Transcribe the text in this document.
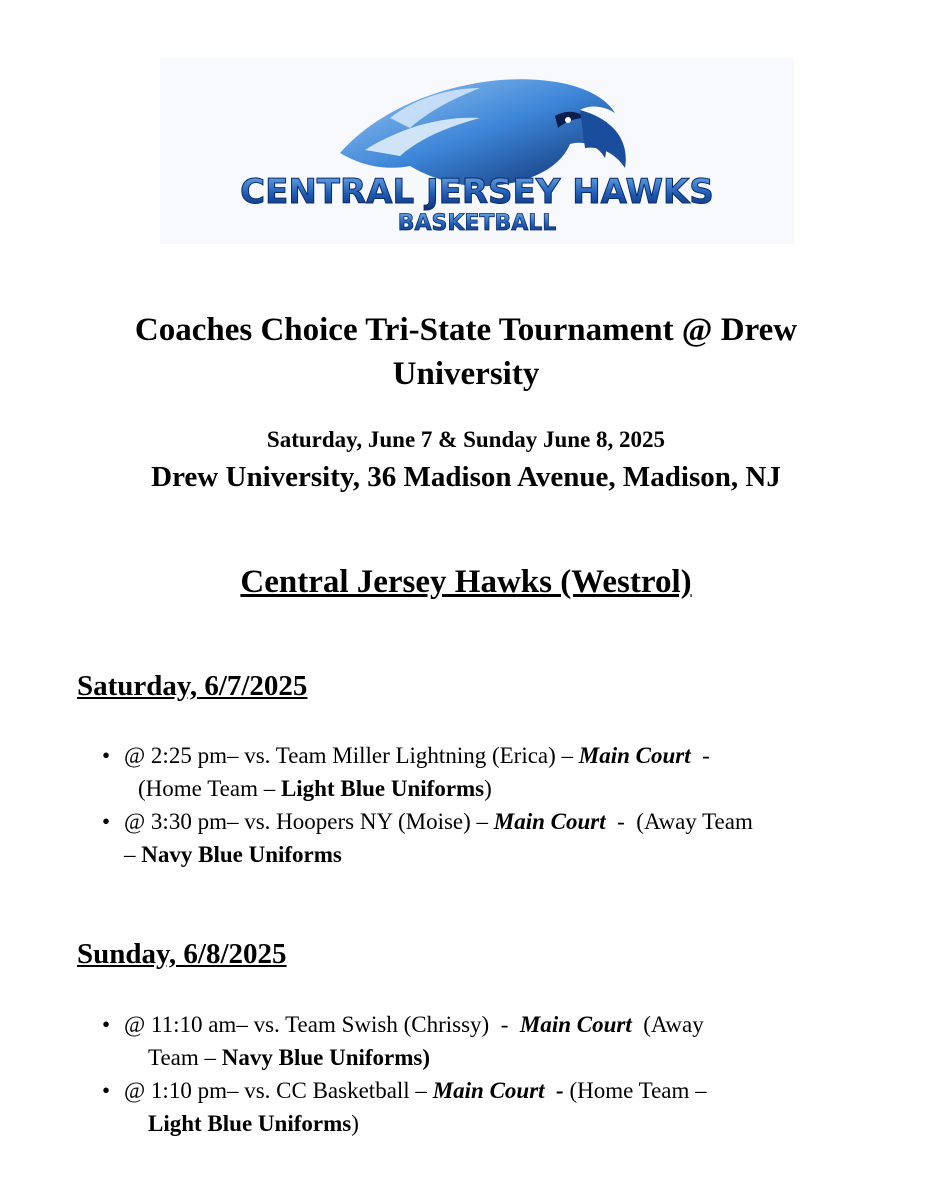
CENTRAL JERSEY HAWKS
BASKETBALL
Coaches Choice Tri-State Tournament @ Drew University
Saturday, June 7 & Sunday June 8, 2025
Drew University, 36 Madison Avenue, Madison, NJ
Central Jersey Hawks (Westrol)
Saturday, 6/7/2025
• @ 2:25 pm– vs. Team Miller Lightning (Erica) – Main Court  -
(Home Team – Light Blue Uniforms)
• @ 3:30 pm– vs. Hoopers NY (Moise) – Main Court  -  (Away Team
– Navy Blue Uniforms
Sunday, 6/8/2025
• @ 11:10 am– vs. Team Swish (Chrissy)  -  Main Court  (Away
Team – Navy Blue Uniforms)
• @ 1:10 pm– vs. CC Basketball – Main Court  - (Home Team –
Light Blue Uniforms)
